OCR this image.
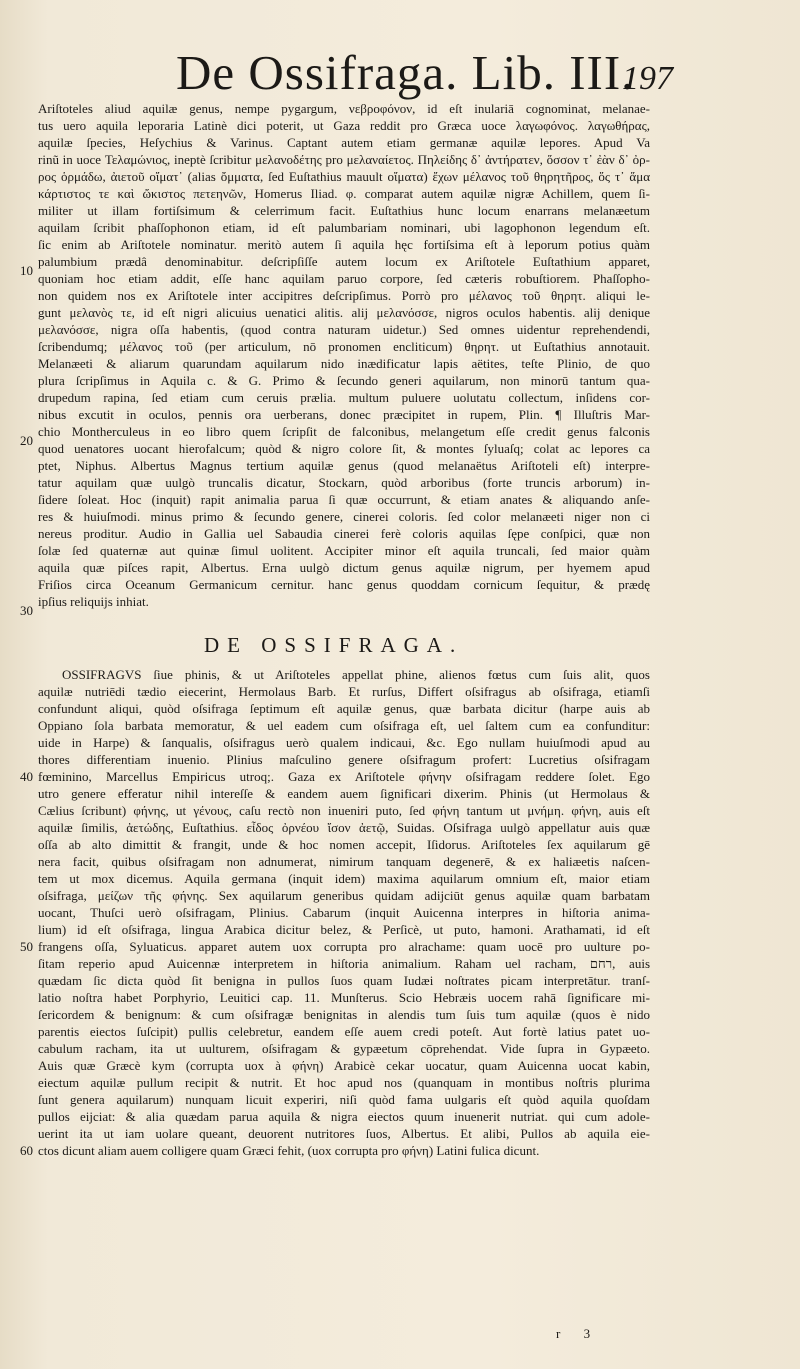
De Ossifraga. Lib. III.
197
Ariſtoteles aliud aquilæ genus, nempe pygargum, νεβροφόνον, id eſt inulariā cognominat, melanae-
tus uero aquila leporaria Latinè dici poterit, ut Gaza reddit pro Græca uoce λαγωφόνος. λαγωθήρας,
aquilæ ſpecies, Heſychius & Varinus. Captant autem etiam germanæ aquilæ lepores. Apud Va
rinũ in uoce Τελαμώνιος, ineptè ſcribitur μελανοδέτης pro μελαναίετος. Πηλείδης δ᾽ ἀντήρατεν, ὅσσον τ᾽ ἐὰν δ᾽ ὀρ-
ρος ὁρμάδω, ἀιετοῦ οἴματ᾽ (alias ὄμματα, ſed Euſtathius mauult οἴματα) ἔχων μέλανος τοῦ θηρητῆρος, ὅς τ᾽ ἅμα
κάρτιστος τε καὶ ὤκιστος πετεηνῶν, Homerus Iliad. φ. comparat autem aquilæ nigræ Achillem, quem ſi-
militer ut illam fortiſsimum & celerrimum facit. Euſtathius hunc locum enarrans melanæetum
aquilam ſcribit phaſſophonon etiam, id eſt palumbariam nominari, ubi lagophonon legendum eſt.
ſic enim ab Ariſtotele nominatur. meritò autem ſi aquila hęc fortiſsima eſt à leporum potius quàm
palumbium prædâ denominabitur. deſcripſiſſe autem locum ex Ariſtotele Euſtathium apparet,
quoniam hoc etiam addit, eſſe hanc aquilam paruo corpore, ſed cæteris robuſtiorem. Phaſſopho-
non quidem nos ex Ariſtotele inter accipitres deſcripſimus. Porrò pro μέλανος τοῦ θηρητ. aliqui le-
gunt μελανὸς τε, id eſt nigri alicuius uenatici alitis. alij μελανόσσε, nigros oculos habentis. alij denique
μελανόσσε, nigra oſſa habentis, (quod contra naturam uidetur.) Sed omnes uidentur reprehendendi,
ſcribendumq; μέλανος τοῦ (per articulum, nō pronomen encliticum) θηρητ. ut Euſtathius annotauit.
Melanæeti & aliarum quarundam aquilarum nido inædificatur lapis aëtites, teſte Plinio, de quo
plura ſcripſimus in Aquila c. & G. Primo & ſecundo generi aquilarum, non minorū tantum qua-
drupedum rapina, ſed etiam cum ceruis prælia. multum puluere uolutatu collectum, inſidens cor-
nibus excutit in oculos, pennis ora uerberans, donec præcipitet in rupem, Plin. ¶ Illuſtris Mar-
chio Montherculeus in eo libro quem ſcripſit de falconibus, melangetum eſſe credit genus falconis
quod uenatores uocant hierofalcum; quòd & nigro colore ſit, & montes ſyluaſq; colat ac lepores ca
ptet, Niphus. Albertus Magnus tertium aquilæ genus (quod melanaëtus Ariſtoteli eſt) interpre-
tatur aquilam quæ uulgò truncalis dicatur, Stockarn, quòd arboribus (forte truncis arborum) in-
ſidere ſoleat. Hoc (inquit) rapit animalia parua ſi quæ occurrunt, & etiam anates & aliquando anſe-
res & huiuſmodi. minus primo & ſecundo genere, cinerei coloris. ſed color melanæeti niger non ci
nereus proditur. Audio in Gallia uel Sabaudia cinerei ferè coloris aquilas ſępe conſpici, quæ non
ſolæ ſed quaternæ aut quinæ ſimul uolitent. Accipiter minor eſt aquila truncali, ſed maior quàm
aquila quæ piſces rapit, Albertus. Erna uulgò dictum genus aquilæ nigrum, per hyemem apud
Friſios circa Oceanum Germanicum cernitur. hanc genus quoddam cornicum ſequitur, & prædę
ipſius reliquijs inhiat.
DE OSSIFRAGA.
OSSIFRAGVS ſiue phinis, & ut Ariſtoteles appellat phine, alienos fœtus cum ſuis alit, quos
aquilæ nutriēdi tædio eiecerint, Hermolaus Barb. Et rurſus, Differt oſsifragus ab oſsifraga, etiamſi
confundunt aliqui, quòd oſsifraga ſeptimum eſt aquilæ genus, quæ barbata dicitur (harpe auis ab
Oppiano ſola barbata memoratur, & uel eadem cum oſsifraga eſt, uel ſaltem cum ea confunditur:
uide in Harpe) & ſanqualis, oſsifragus uerò qualem indicaui, &c. Ego nullam huiuſmodi apud au
thores differentiam inuenio. Plinius maſculino genere oſsifragum profert: Lucretius oſsifragam
fœminino, Marcellus Empiricus utroq;. Gaza ex Ariſtotele φήνην oſsifragam reddere ſolet. Ego
utro genere efferatur nihil intereſſe & eandem auem ſignificari dixerim. Phinis (ut Hermolaus &
Cælius ſcribunt) φήνης, ut γένους, caſu rectò non inueniri puto, ſed φήνη tantum ut μνήμη. φήνη, auis eſt
aquilæ ſimilis, ἀετώδης, Euſtathius. εἶδος ὀρνέου ἴσον ἀετῷ, Suidas. Oſsifraga uulgò appellatur auis quæ
oſſa ab alto dimittit & frangit, unde & hoc nomen accepit, Iſidorus. Ariſtoteles ſex aquilarum gē
nera facit, quibus oſsifragam non adnumerat, nimirum tanquam degenerē, & ex haliæetis naſcen-
tem ut mox dicemus. Aquila germana (inquit idem) maxima aquilarum omnium eſt, maior etiam
oſsifraga, μείζων τῆς φήνης. Sex aquilarum generibus quidam adijciūt genus aquilæ quam barbatam
uocant, Thuſci uerò oſsifragam, Plinius. Cabarum (inquit Auicenna interpres in hiſtoria anima-
lium) id eſt oſsifraga, lingua Arabica dicitur belez, & Perſicè, ut puto, hamoni. Arathamati, id eſt
frangens oſſa, Syluaticus. apparet autem uox corrupta pro alrachame: quam uocē pro uulture po-
ſitam reperio apud Auicennæ interpretem in hiſtoria animalium. Raham uel racham, רחם, auis
quædam ſic dicta quòd ſit benigna in pullos ſuos quam Iudæi noſtrates picam interpretātur. tranſ-
latio noſtra habet Porphyrio, Leuitici cap. 11. Munſterus. Scio Hebræis uocem rahā ſignificare mi-
ſericordem & benignum: & cum oſsifragæ benignitas in alendis tum ſuis tum aquilæ (quos è nido
parentis eiectos ſuſcipit) pullis celebretur, eandem eſſe auem credi poteſt. Aut fortè latius patet uo-
cabulum racham, ita ut uulturem, oſsifragam & gypæetum cōprehendat. Vide ſupra in Gypæeto.
Auis quæ Græcè kym (corrupta uox à φήνη) Arabicè cekar uocatur, quam Auicenna uocat kabin,
eiectum aquilæ pullum recipit & nutrit. Et hoc apud nos (quanquam in montibus noſtris plurima
ſunt genera aquilarum) nunquam licuit experiri, niſi quòd fama uulgaris eſt quòd aquila quoſdam
pullos eijciat: & alia quædam parua aquila & nigra eiectos quum inuenerit nutriat. qui cum adole-
uerint ita ut iam uolare queant, deuorent nutritores ſuos, Albertus. Et alibi, Pullos ab aquila eie-
ctos dicunt aliam auem colligere quam Græci fehit, (uox corrupta pro φήνη) Latini fulica dicunt.
10
20
30
40
50
60
r 3
